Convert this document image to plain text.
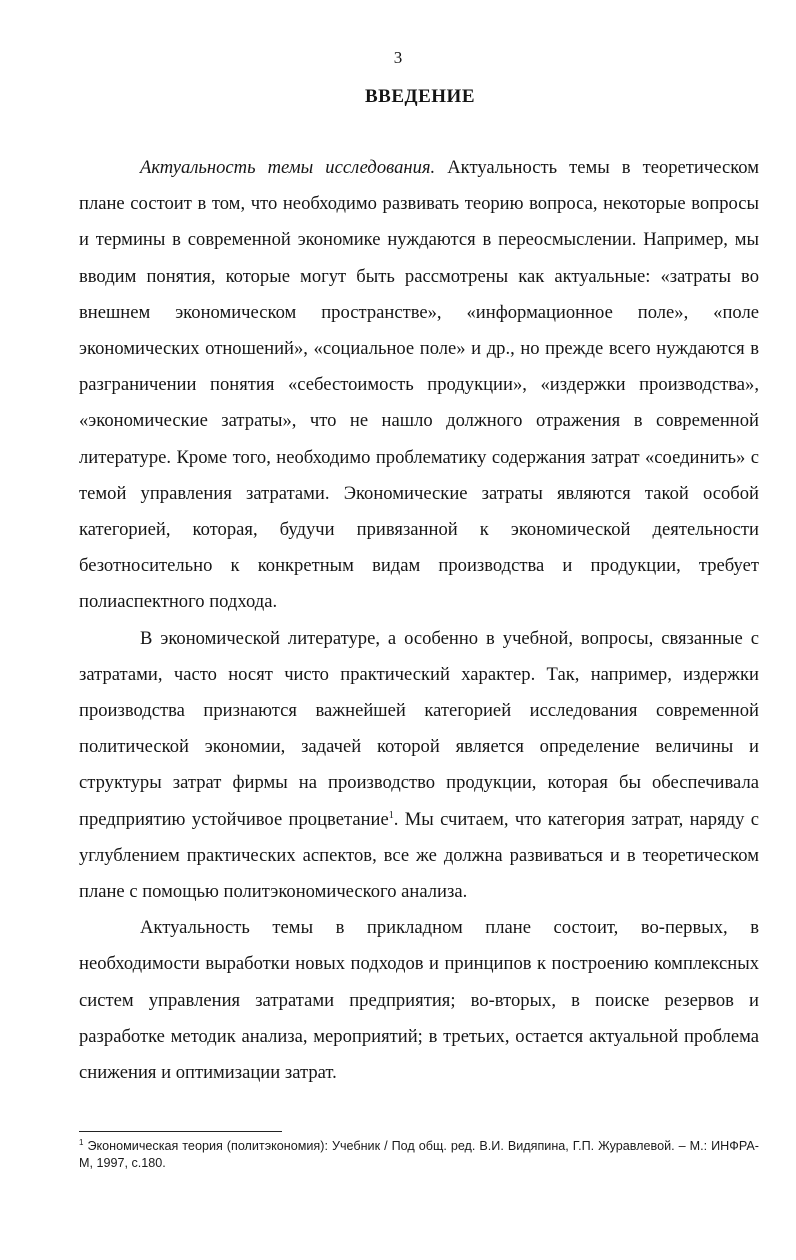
3
ВВЕДЕНИЕ

Актуальность темы исследования. Актуальность темы в теоретическом плане состоит в том, что необходимо развивать теорию вопроса, некоторые вопросы и термины в современной экономике нуждаются в переосмыслении. Например, мы вводим понятия, которые могут быть рассмотрены как актуальные: «затраты во внешнем экономическом пространстве», «информационное поле», «поле экономических отношений», «социальное поле» и др., но прежде всего нуждаются в разграничении понятия «себестоимость продукции», «издержки производства», «экономические затраты», что не нашло должного отражения в современной литературе. Кроме того, необходимо проблематику содержания затрат «соединить» с темой управления затратами. Экономические затраты являются такой особой категорией, которая, будучи привязанной к экономической деятельности безотносительно к конкретным видам производства и продукции, требует полиаспектного подхода.

В экономической литературе, а особенно в учебной, вопросы, связанные с затратами, часто носят чисто практический характер. Так, например, издержки производства признаются важнейшей категорией исследования современной политической экономии, задачей которой является определение величины и структуры затрат фирмы на производство продукции, которая бы обеспечивала предприятию устойчивое процветание$^1$. Мы считаем, что категория затрат, наряду с углублением практических аспектов, все же должна развиваться и в теоретическом плане с помощью политэкономического анализа.

Актуальность темы в прикладном плане состоит, во-первых, в необходимости выработки новых подходов и принципов к построению комплексных систем управления затратами предприятия; во-вторых, в поиске резервов и разработке методик анализа, мероприятий; в третьих, остается актуальной проблема снижения и оптимизации затрат.

$^1$ Экономическая теория (политэкономия): Учебник / Под общ. ред. В.И. Видяпина, Г.П. Журавлевой. – М.: ИНФРА-М, 1997, с.180.
